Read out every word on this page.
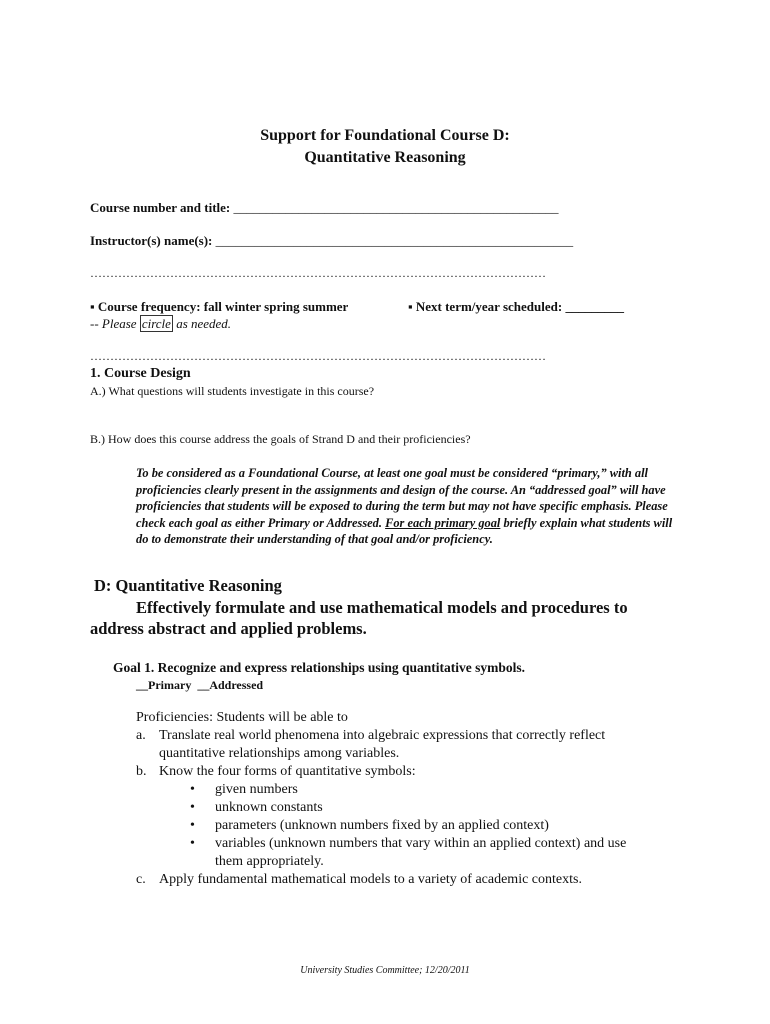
Support for Foundational Course D:
Quantitative Reasoning
Course number and title: __________________________________________________
Instructor(s) name(s): _______________________________________________________
……………………………………………………………………………………………………
▪ Course frequency: fall winter spring summer	▪ Next term/year scheduled: _________
-- Please circle as needed.
……………………………………………………………………………………………………
1. Course Design
A.) What questions will students investigate in this course?
B.) How does this course address the goals of Strand D and their proficiencies?
To be considered as a Foundational Course, at least one goal must be considered “primary,” with all proficiencies clearly present in the assignments and design of the course. An “addressed goal” will have proficiencies that students will be exposed to during the term but may not have specific emphasis. Please check each goal as either Primary or Addressed. For each primary goal briefly explain what students will do to demonstrate their understanding of that goal and/or proficiency.
D: Quantitative Reasoning
Effectively formulate and use mathematical models and procedures to
address abstract and applied problems.
Goal 1. Recognize and express relationships using quantitative symbols.
__Primary __Addressed
Proficiencies: Students will be able to
a. Translate real world phenomena into algebraic expressions that correctly reflect
quantitative relationships among variables.
b. Know the four forms of quantitative symbols:
• given numbers
• unknown constants
• parameters (unknown numbers fixed by an applied context)
• variables (unknown numbers that vary within an applied context) and use
them appropriately.
c. Apply fundamental mathematical models to a variety of academic contexts.
University Studies Committee; 12/20/2011
